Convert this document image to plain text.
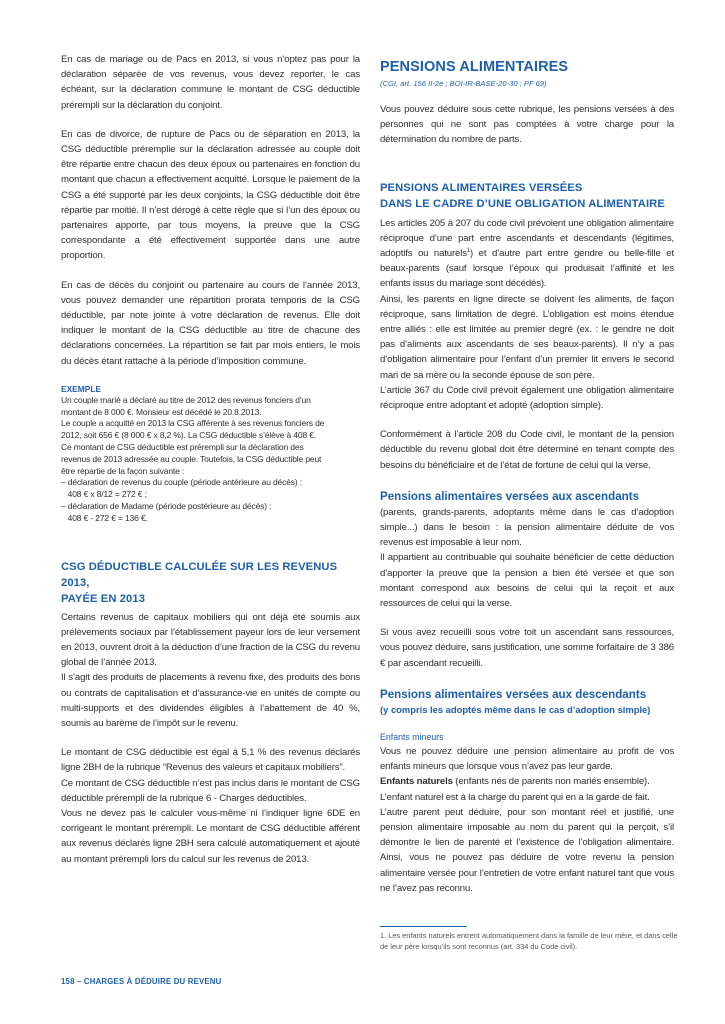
En cas de mariage ou de Pacs en 2013, si vous n’optez pas pour la déclaration séparée de vos revenus, vous devez reporter, le cas échéant, sur la déclaration commune le montant de CSG déductible prérempli sur la déclaration du conjoint.

En cas de divorce, de rupture de Pacs ou de séparation en 2013, la CSG déductible préremplie sur la déclaration adressée au couple doit être répartie entre chacun des deux époux ou partenaires en fonction du montant que chacun a effectivement acquitté. Lorsque le paiement de la CSG a été supporté par les deux conjoints, la CSG déductible doit être répartie par moitié. Il n’est dérogé à cette règle que si l’un des époux ou partenaires apporte, par tous moyens, la preuve que la CSG correspondante a été effectivement supportée dans une autre proportion.

En cas de décès du conjoint ou partenaire au cours de l’année 2013, vous pouvez demander une répartition prorata temporis de la CSG déductible, par note jointe à votre déclaration de revenus. Elle doit indiquer le montant de la CSG déductible au titre de chacune des déclarations concernées. La répartition se fait par mois entiers, le mois du décès étant rattaché à la période d’imposition commune.

EXEMPLE
Un couple marié a déclaré au titre de 2012 des revenus fonciers d’un
montant de 8 000 €. Monsieur est décédé le 20.8.2013.
Le couple a acquitté en 2013 la CSG afférente à ses revenus fonciers de
2012, soit 656 € (8 000 € x 8,2 %). La CSG déductible s’élève à 408 €.
Ce montant de CSG déductible est prérempli sur la déclaration des
revenus de 2013 adressée au couple. Toutefois, la CSG déductible peut
être répartie de la façon suivante :
– déclaration de revenus du couple (période antérieure au décès) :
408 € x 8/12 = 272 € ;
– déclaration de Madame (période postérieure au décès) :
408 € - 272 € = 136 €.
CSG DÉDUCTIBLE CALCULÉE SUR LES REVENUS 2013,
PAYÉE EN 2013

Certains revenus de capitaux mobiliers qui ont déjà été soumis aux prélèvements sociaux par l’établissement payeur lors de leur versement en 2013, ouvrent droit à la déduction d’une fraction de la CSG du revenu global de l’année 2013.

Il s’agit des produits de placements à revenu fixe, des produits des bons ou contrats de capitalisation et d’assurance-vie en unités de compte ou multi-supports et des dividendes éligibles à l’abattement de 40 %, soumis au barème de l’impôt sur le revenu.

Le montant de CSG déductible est égal à 5,1 % des revenus déclarés ligne 2BH de la rubrique “Revenus des valeurs et capitaux mobiliers”.

Ce montant de CSG déductible n’est pas inclus dans le montant de CSG déductible prérempli de la rubrique 6 - Charges déductibles.

Vous ne devez pas le calculer vous-même ni l’indiquer ligne 6DE en corrigeant le montant prérempli. Le montant de CSG déductible afférent aux revenus déclarés ligne 2BH sera calculé automatiquement et ajouté au montant prérempli lors du calcul sur les revenus de 2013.

PENSIONS ALIMENTAIRES
(CGI, art. 156 II-2e ; BOI-IR-BASE-20-30 ; PF 69)

Vous pouvez déduire sous cette rubrique, les pensions versées à des personnes qui ne sont pas comptées à votre charge pour la détermination du nombre de parts.

PENSIONS ALIMENTAIRES VERSÉES
DANS LE CADRE D’UNE OBLIGATION ALIMENTAIRE

Les articles 205 à 207 du code civil prévoient une obligation alimentaire réciproque d’une part entre ascendants et descendants (légitimes, adoptifs ou naturels$^1$) et d’autre part entre gendre ou belle-fille et beaux-parents (sauf lorsque l’époux qui produisait l’affinité et les enfants issus du mariage sont décédés).

Ainsi, les parents en ligne directe se doivent les aliments, de façon réciproque, sans limitation de degré. L’obligation est moins étendue entre alliés : elle est limitée au premier degré (ex. : le gendre ne doit pas d’aliments aux ascendants de ses beaux-parents). Il n’y a pas d’obligation alimentaire pour l’enfant d’un premier lit envers le second mari de sa mère ou la seconde épouse de son père.

L’article 367 du Code civil prévoit également une obligation alimentaire réciproque entre adoptant et adopté (adoption simple).

Conformément à l’article 208 du Code civil, le montant de la pension déductible du revenu global doit être déterminé en tenant compte des besoins du bénéficiaire et de l’état de fortune de celui qui la verse.

Pensions alimentaires versées aux ascendants

(parents, grands-parents, adoptants même dans le cas d’adoption simple...) dans le besoin : la pension alimentaire déduite de vos revenus est imposable à leur nom.

Il appartient au contribuable qui souhaite bénéficier de cette déduction d’apporter la preuve que la pension a bien été versée et que son montant correspond aux besoins de celui qui la reçoit et aux ressources de celui qui la verse.

Si vous avez recueilli sous votre toit un ascendant sans ressources, vous pouvez déduire, sans justification, une somme forfaitaire de 3 386 € par ascendant recueilli.

Pensions alimentaires versées aux descendants
(y compris les adoptés même dans le cas d’adoption simple)
Enfants mineurs

Vous ne pouvez déduire une pension alimentaire au profit de vos enfants mineurs que lorsque vous n’avez pas leur garde.

Enfants naturels (enfants nés de parents non mariés ensemble).

L’enfant naturel est à la charge du parent qui en a la garde de fait.

L’autre parent peut déduire, pour son montant réel et justifié, une pension alimentaire imposable au nom du parent qui la perçoit, s’il démontre le lien de parenté et l’existence de l’obligation alimentaire. Ainsi, vous ne pouvez pas déduire de votre revenu la pension alimentaire versée pour l’entretien de votre enfant naturel tant que vous ne l’avez pas reconnu.

1. Les enfants naturels entrent automatiquement dans la famille de leur mère, et dans celle de leur père lorsqu’ils sont reconnus (art. 334 du Code civil).
158 – CHARGES À DÉDUIRE DU REVENU
